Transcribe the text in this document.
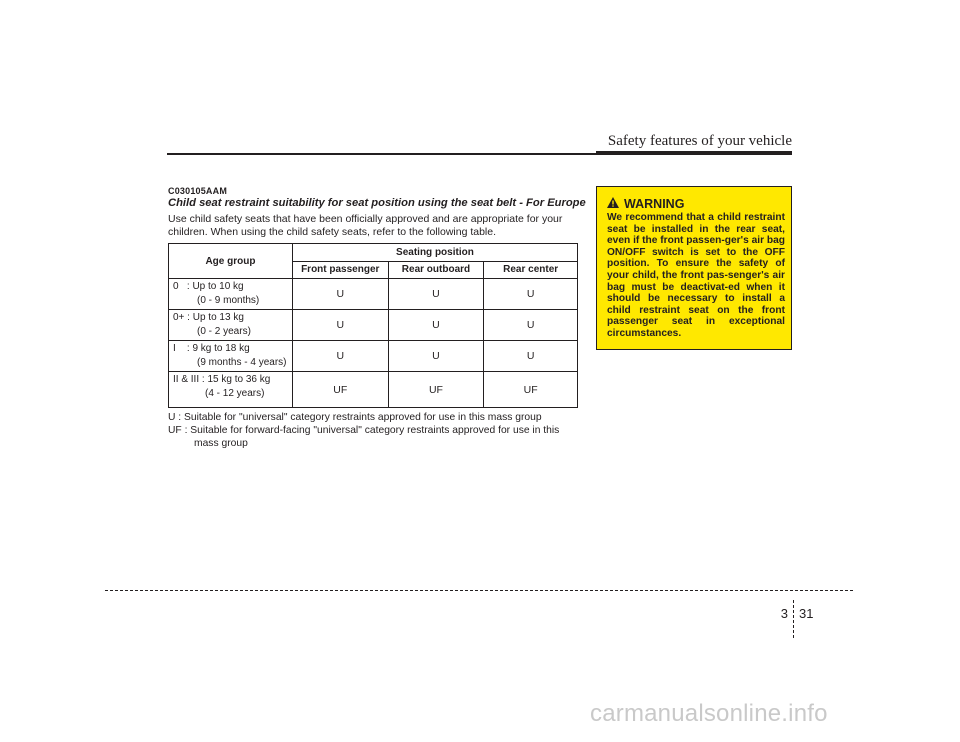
Safety features of your vehicle
C030105AAM
Child seat restraint suitability for seat position using the seat belt - For Europe
Use child safety seats that have been officially approved and are appropriate for your children. When using the child safety seats, refer to the following table.
Age group	Seating position		
	Front passenger	Rear outboard	Rear center
0   : Up to 10 kg
(0 - 9 months)	U	U	U
0+ : Up to 13 kg
(0 - 2 years)	U	U	U
I    : 9 kg to 18 kg
(9 months - 4 years)	U	U	U
II & III : 15 kg to 36 kg
(4 - 12 years)	UF	UF	UF
U : Suitable for "universal" category restraints approved for use in this mass group
UF : Suitable for forward-facing "universal" category restraints approved for use in this
mass group
WARNING
We recommend that a child restraint seat be installed in the rear seat, even if the front passen-ger's air bag ON/OFF switch is set to the OFF position. To ensure the safety of your child, the front pas-senger's air bag must be deactivat-ed when it should be necessary to install a child restraint seat on the front passenger seat in exceptional circumstances.
3 31
carmanualsonline.info
